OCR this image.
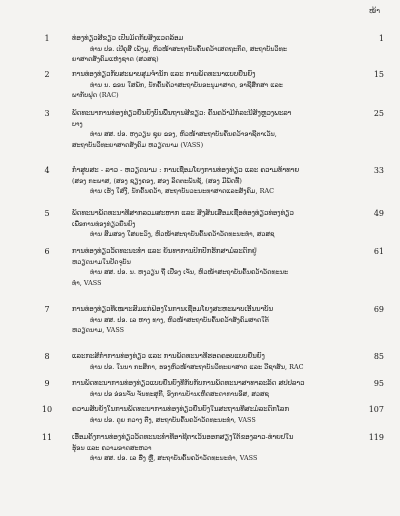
ໜ້າ
1	ທ່ອງທ່ຽວສີຂຽວ ເປັນມິດກັບສິ່ງແວດລ້ອມ	1
ທ່ານ ປອ. ເປີຄຸສີ ເພັງມູ, ຫົວໜ້າສະຖາບັນຄົ້ນຄວ້າເສດຖະກິດ, ສະຖາບັນວິທະ
ຍາສາດສັງຄົມແຫ່ງຊາດ (ສວສຊ)
2	ການທ່ອງທ່ຽວກັບສະພາບສຸມຈຳນັກ ແລະ ການພັດທະນາແບບຍືນຍົງ	15
ທ່ານ ນ. ຂອນ ໃສພັກ, ນັກຄົ້ນຄ້ວາສະຖາບັນອະນຸມາສາດ, ອາຊີສຶກສາ ແລະ
ພາກັບຟຸດ (RAC)
3	ພັດທະນາການທ່ອງທ່ຽວຍືນຍົງບົນພື້ນຖານສີຂຽວ: ຄົ້ນຄວ້າມີກໍລະນີສັງຫຼວງພະລາ	25
ບາງ
ທ່ານ ສສ. ປອ. ຫງວຽນ ຊຸຍ ຂອງ, ຫົວໜ້າສະຖາບັນຄົ້ນຄວ້າອາຊີຕາເວັນ,
ສະຖາບັນວິທະຍາສາດສັງຄົມ ຫວຽດນາມ (VASS)
4	ກໍາສູບສະ - ລາວ - ຫວຽດນາມ : ການເຊື່ອມໂຍງການທ່ອງທ່ຽວ ແລະ ຄວາມທ້າທາຍ	33
(ສອງ ກະພາສ, (ສອງ ຊຽງຄອງ, ສອງ ລິດຕະພັນຊັ, (ສອງ ມີພັດທີ້)
ທ່ານ ເຮັງ ໃສ່ງີ, ນັກຄົ້ນຄວ້າ, ສະຖາບັນວະນະທາສາດແລະສັງຄົມ, RAC
5	ພັດທະນາພັດທະນາທີ່ສາກລວມສະຫາກ ແລະ ສິ່ງສັນເສື່ອມເຊື້ອທ່ອງທ່ຽວທ່ອງທ່ຽວ	49
ເພື່ອການທ່ອງທ່ຽວຍືນຍົງ
ທ່ານ ສິມສອງ ໃສຍະວົງ, ຫົວໜ້າສະຖາບັນຄົ້ນຄວ້າວັດທະນະທໍາ, ສວສຊ
6	ການທ່ອງທ່ຽວວັດທະນະທໍາ ແລະ ຍັນທາການປົກປັກຮັກສາມໍລະດົກຢູ່	61
ຫວຽດນາມໃນປັດຈຸບັນ
ທ່ານ ສສ. ປອ. ນ. ຫງວຽນ ຖີ່ ເປືອງ ເຈັນ, ຫົວໜ້າສະຖາບັນຄົ້ນຄວ້າວັດທະນະ
ທໍາ, VASS
7	ການທ່ອງທ່ຽວທີ່ເໝາະສົມແກ່ຟ້ອງໃນການເຊື່ອມໂຍງສະຫະພາບເອີ້ນນາບັນ	69
ທ່ານ ສສ. ປອ. ເລ ຫາງ ທາງ, ຫົວໜ້າສະຖາບັນຄົ້ນຄວ້າສັງຄົມສາດໃຕ້
ຫວຽດນາມ, VASS
8	ແລະກະສິກໍາການທ່ອງທ່ຽວ ແລະ ການພັດທະນາທີ່ຮອດຄອບແບບຍືນຍົງ	85
ທ່ານ ປອ. ໃນນາ ກະສິກາ, ຮອງຫົວໜ້າສະຖາບັນວິທະຍາສາດ ແລະ ວີຊາສັນ, RAC
9	ການພັດທະນາການທ່ອງທ່ຽວແບບຍືນຍົງທີ່ກັບກັບການພັດທະນາສາທາລະລັດ ສປປລາວ	95
ທ່ານ ປອ ອ່ອນຈັນ ຈັນທະສຸກີ, ອົງການບ້ານເຫິດສະດາການອິສ, ສວສຊ
10	ຄວາມສັບຍັງໃນການພັດທະນາການທ່ອງທ່ຽວຍືນຍົງໃນສະຖານທີ່ສະມໍລະດົກໂລກ	107
ທ່ານ ປອ. ດຸຍ ກວາງ ຕືງ, ສະຖາບັນຄົ້ນຄວ້າວັດທະນະທໍາ, VASS
11	ເອື້ອມຄິ້ງການທ່ອງທ່ຽວວັດທະນະທໍາທີ່ອາຊີຕາເວັນອອກສຽງໃຕ້ຂອງລາວ-ທ່າຍປໃນ	119
ຮຸ້ອນ ແລະ ຄວາມອາດສະຫວາ
ທ່ານ ສສ. ປອ. ເລ ຮື່ງ ຫຼື, ສະຖາບັນຄົ້ນຄວ້າວັດທະນະທໍາ, VASS
